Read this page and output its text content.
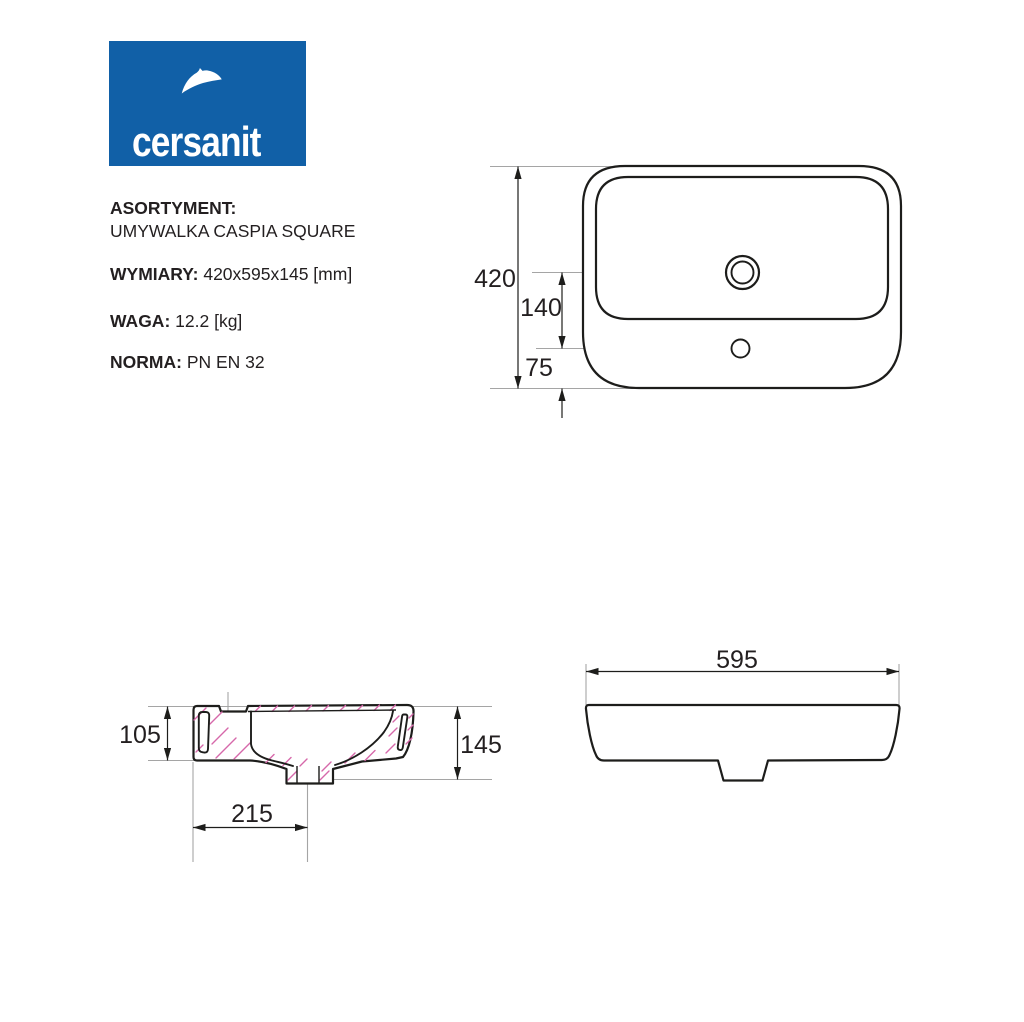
cersanit
ASORTYMENT:
UMYWALKA CASPIA SQUARE
WYMIARY: 420x595x145 [mm]
WAGA: 12.2 [kg]
NORMA: PN EN 32
420
140
75
105	145
215
595
